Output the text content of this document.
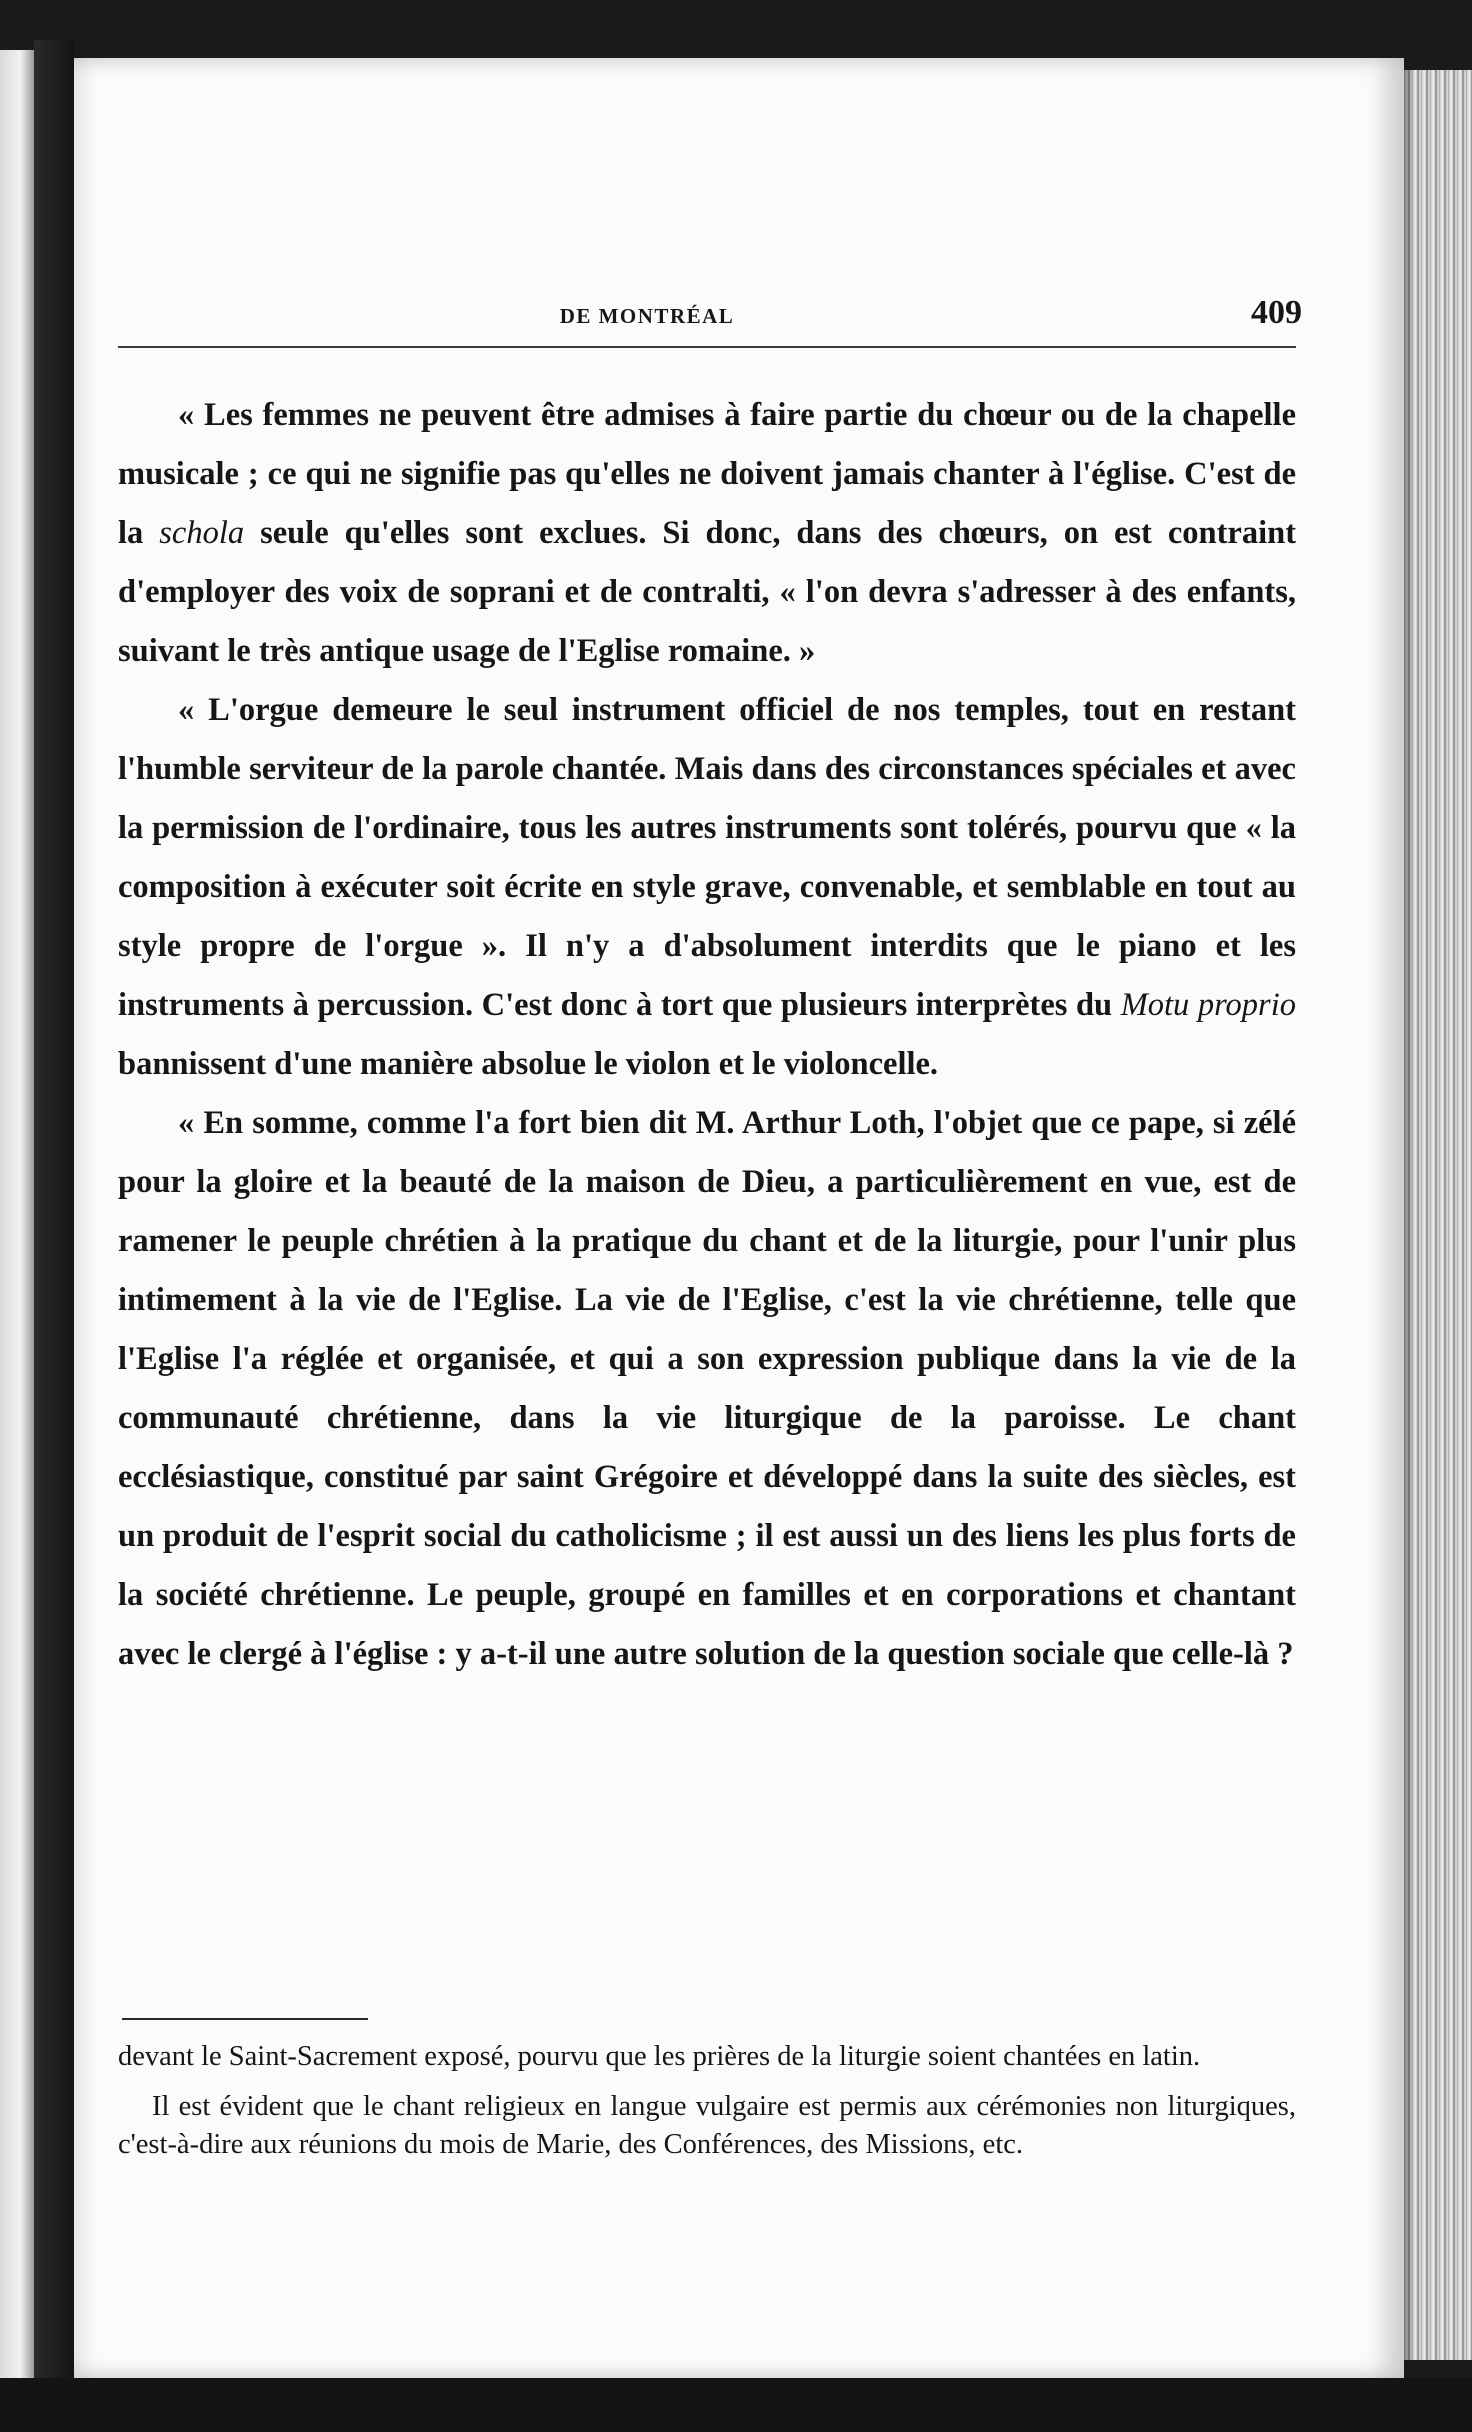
DE MONTRÉAL	409

« Les femmes ne peuvent être admises à faire partie du chœur ou de la chapelle musicale ; ce qui ne signifie pas qu'elles ne doivent jamais chanter à l'église. C'est de la schola seule qu'elles sont exclues. Si donc, dans des chœurs, on est contraint d'employer des voix de soprani et de contralti, « l'on devra s'adresser à des enfants, suivant le très antique usage de l'Eglise romaine. »

« L'orgue demeure le seul instrument officiel de nos temples, tout en restant l'humble serviteur de la parole chantée. Mais dans des circonstances spéciales et avec la permission de l'ordinaire, tous les autres instruments sont tolérés, pourvu que « la composition à exécuter soit écrite en style grave, convenable, et semblable en tout au style propre de l'orgue ». Il n'y a d'absolument interdits que le piano et les instruments à percussion. C'est donc à tort que plusieurs interprètes du Motu proprio bannissent d'une manière absolue le violon et le violoncelle.

« En somme, comme l'a fort bien dit M. Arthur Loth, l'objet que ce pape, si zélé pour la gloire et la beauté de la maison de Dieu, a particulièrement en vue, est de ramener le peuple chrétien à la pratique du chant et de la liturgie, pour l'unir plus intimement à la vie de l'Eglise. La vie de l'Eglise, c'est la vie chrétienne, telle que l'Eglise l'a réglée et organisée, et qui a son expression publique dans la vie de la communauté chrétienne, dans la vie liturgique de la paroisse. Le chant ecclésiastique, constitué par saint Grégoire et développé dans la suite des siècles, est un produit de l'esprit social du catholicisme ; il est aussi un des liens les plus forts de la société chrétienne. Le peuple, groupé en familles et en corporations et chantant avec le clergé à l'église : y a-t-il une autre solution de la question sociale que celle-là ?

devant le Saint-Sacrement exposé, pourvu que les prières de la liturgie soient chantées en latin.

Il est évident que le chant religieux en langue vulgaire est permis aux cérémonies non liturgiques, c'est-à-dire aux réunions du mois de Marie, des Conférences, des Missions, etc.
